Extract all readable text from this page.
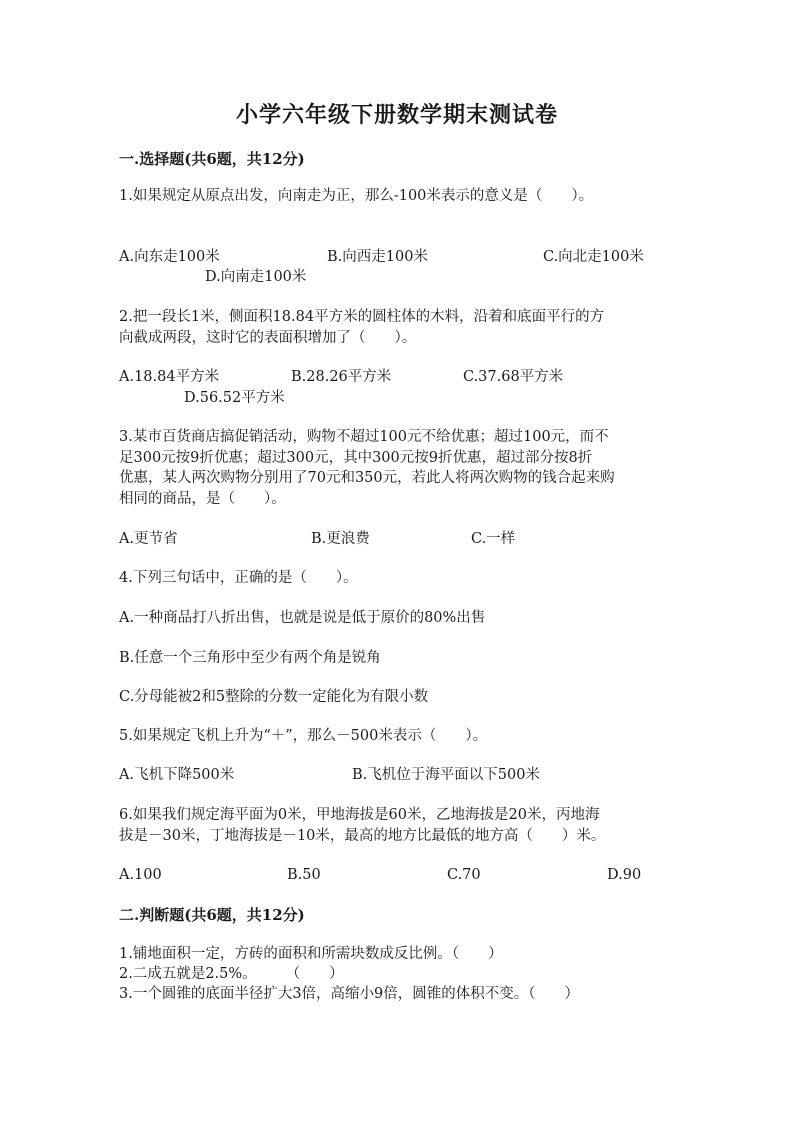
小学六年级下册数学期末测试卷
一.选择题(共6题，共12分)
1.如果规定从原点出发，向南走为正，那么-100米表示的意义是（　　）。
A.向东走100米	B.向西走100米	C.向北走100米
D.向南走100米
2.把一段长1米，侧面积18.84平方米的圆柱体的木料，沿着和底面平行的方
向截成两段，这时它的表面积增加了（　　）。
A.18.84平方米	B.28.26平方米	C.37.68平方米
D.56.52平方米
3.某市百货商店搞促销活动，购物不超过100元不给优惠；超过100元，而不
足300元按9折优惠；超过300元，其中300元按9折优惠，超过部分按8折
优惠，某人两次购物分别用了70元和350元，若此人将两次购物的钱合起来购
相同的商品，是（　　）。
A.更节省	B.更浪费	C.一样
4.下列三句话中，正确的是（　　）。
A.一种商品打八折出售，也就是说是低于原价的80%出售
B.任意一个三角形中至少有两个角是锐角
C.分母能被2和5整除的分数一定能化为有限小数
5.如果规定飞机上升为“＋”，那么－500米表示（　　）。
A.飞机下降500米	B.飞机位于海平面以下500米
6.如果我们规定海平面为0米，甲地海拔是60米，乙地海拔是20米，丙地海
拔是－30米，丁地海拔是－10米，最高的地方比最低的地方高（　　）米。
A.100	B.50	C.70	D.90
二.判断题(共6题，共12分)
1.铺地面积一定，方砖的面积和所需块数成反比例。（　　）
2.二成五就是2.5%。　　　（　　）
3.一个圆锥的底面半径扩大3倍，高缩小9倍，圆锥的体积不变。（　　）
